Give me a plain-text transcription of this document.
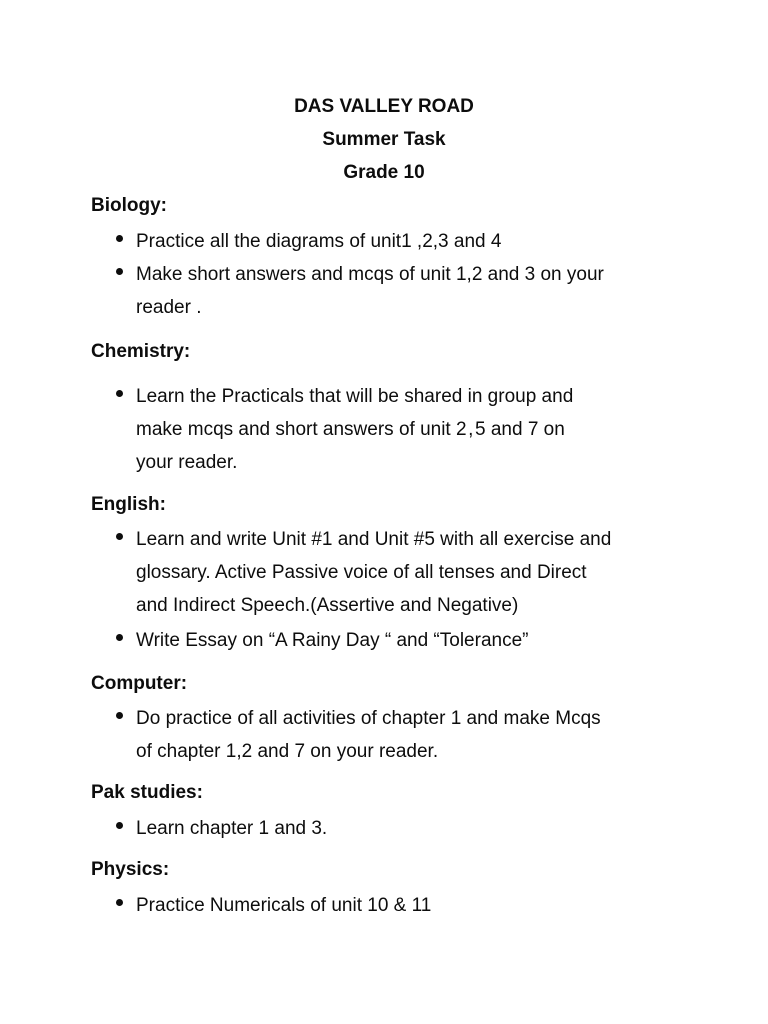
DAS VALLEY ROAD
Summer Task
Grade 10
Biology:
Practice all the diagrams of unit1 ,2,3 and 4
Make short answers and mcqs of unit 1,2 and 3 on your
reader .
Chemistry:
Learn the Practicals that will be shared in group and
make mcqs and short answers of unit 2 , 5 and 7 on
your reader.
English:
Learn and write Unit #1 and Unit #5 with all exercise and
glossary. Active Passive voice of all tenses and Direct
and Indirect Speech.(Assertive and Negative)
Write Essay on “A Rainy Day “ and “Tolerance”
Computer:
Do practice of all activities of chapter 1 and make Mcqs
of chapter 1,2 and 7 on your reader.
Pak studies:
Learn chapter 1 and 3.
Physics:
Practice Numericals of unit 10 & 11
